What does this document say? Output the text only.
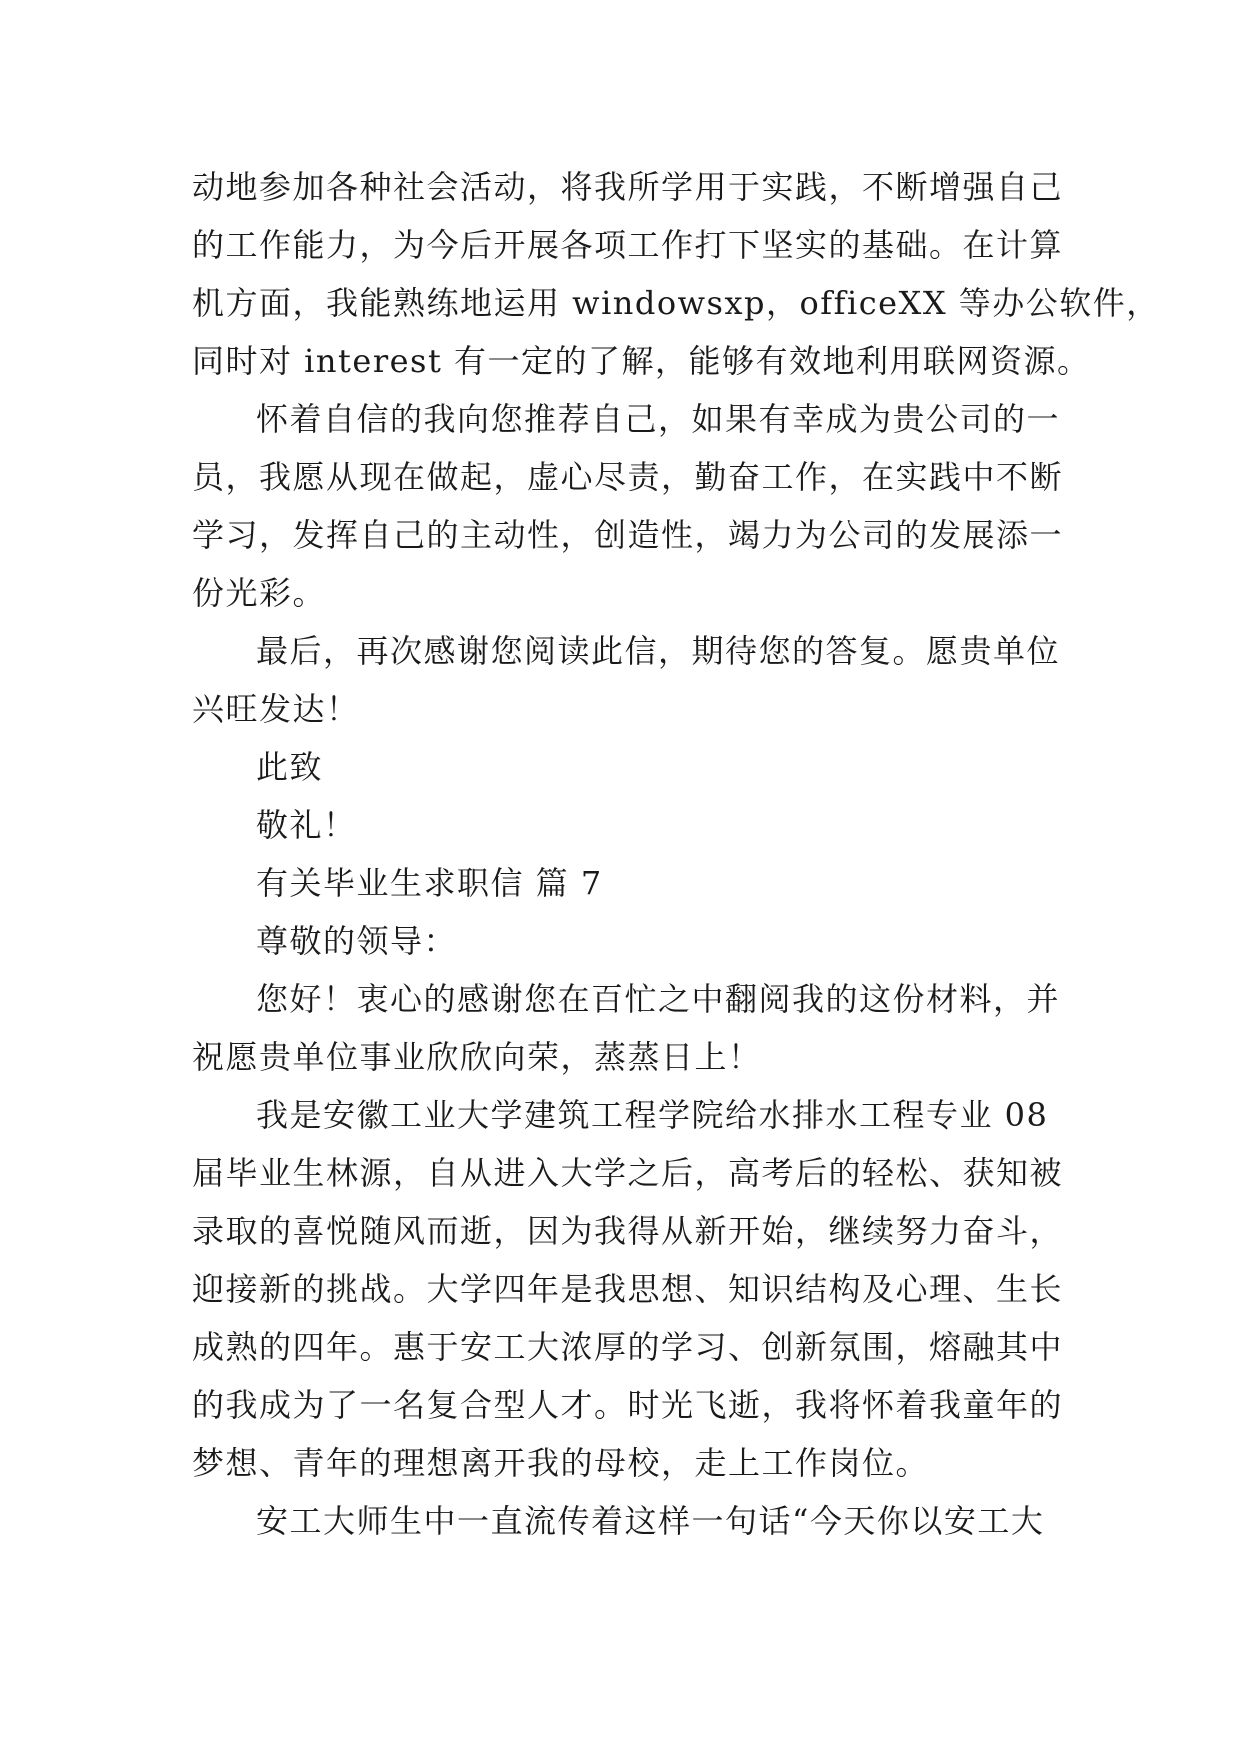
动地参加各种社会活动，将我所学用于实践，不断增强自己
的工作能力，为今后开展各项工作打下坚实的基础。在计算
机方面，我能熟练地运用 windowsxp，officeXX 等办公软件，
同时对 interest 有一定的了解，能够有效地利用联网资源。
怀着自信的我向您推荐自己，如果有幸成为贵公司的一
员，我愿从现在做起，虚心尽责，勤奋工作，在实践中不断
学习，发挥自己的主动性，创造性，竭力为公司的发展添一
份光彩。
最后，再次感谢您阅读此信，期待您的答复。愿贵单位
兴旺发达！
此致
敬礼！
有关毕业生求职信 篇 7
尊敬的领导：
您好！衷心的感谢您在百忙之中翻阅我的这份材料，并
祝愿贵单位事业欣欣向荣，蒸蒸日上！
我是安徽工业大学建筑工程学院给水排水工程专业 08
届毕业生林源，自从进入大学之后，高考后的轻松、获知被
录取的喜悦随风而逝，因为我得从新开始，继续努力奋斗，
迎接新的挑战。大学四年是我思想、知识结构及心理、生长
成熟的四年。惠于安工大浓厚的学习、创新氛围，熔融其中
的我成为了一名复合型人才。时光飞逝，我将怀着我童年的
梦想、青年的理想离开我的母校，走上工作岗位。
安工大师生中一直流传着这样一句话“今天你以安工大
